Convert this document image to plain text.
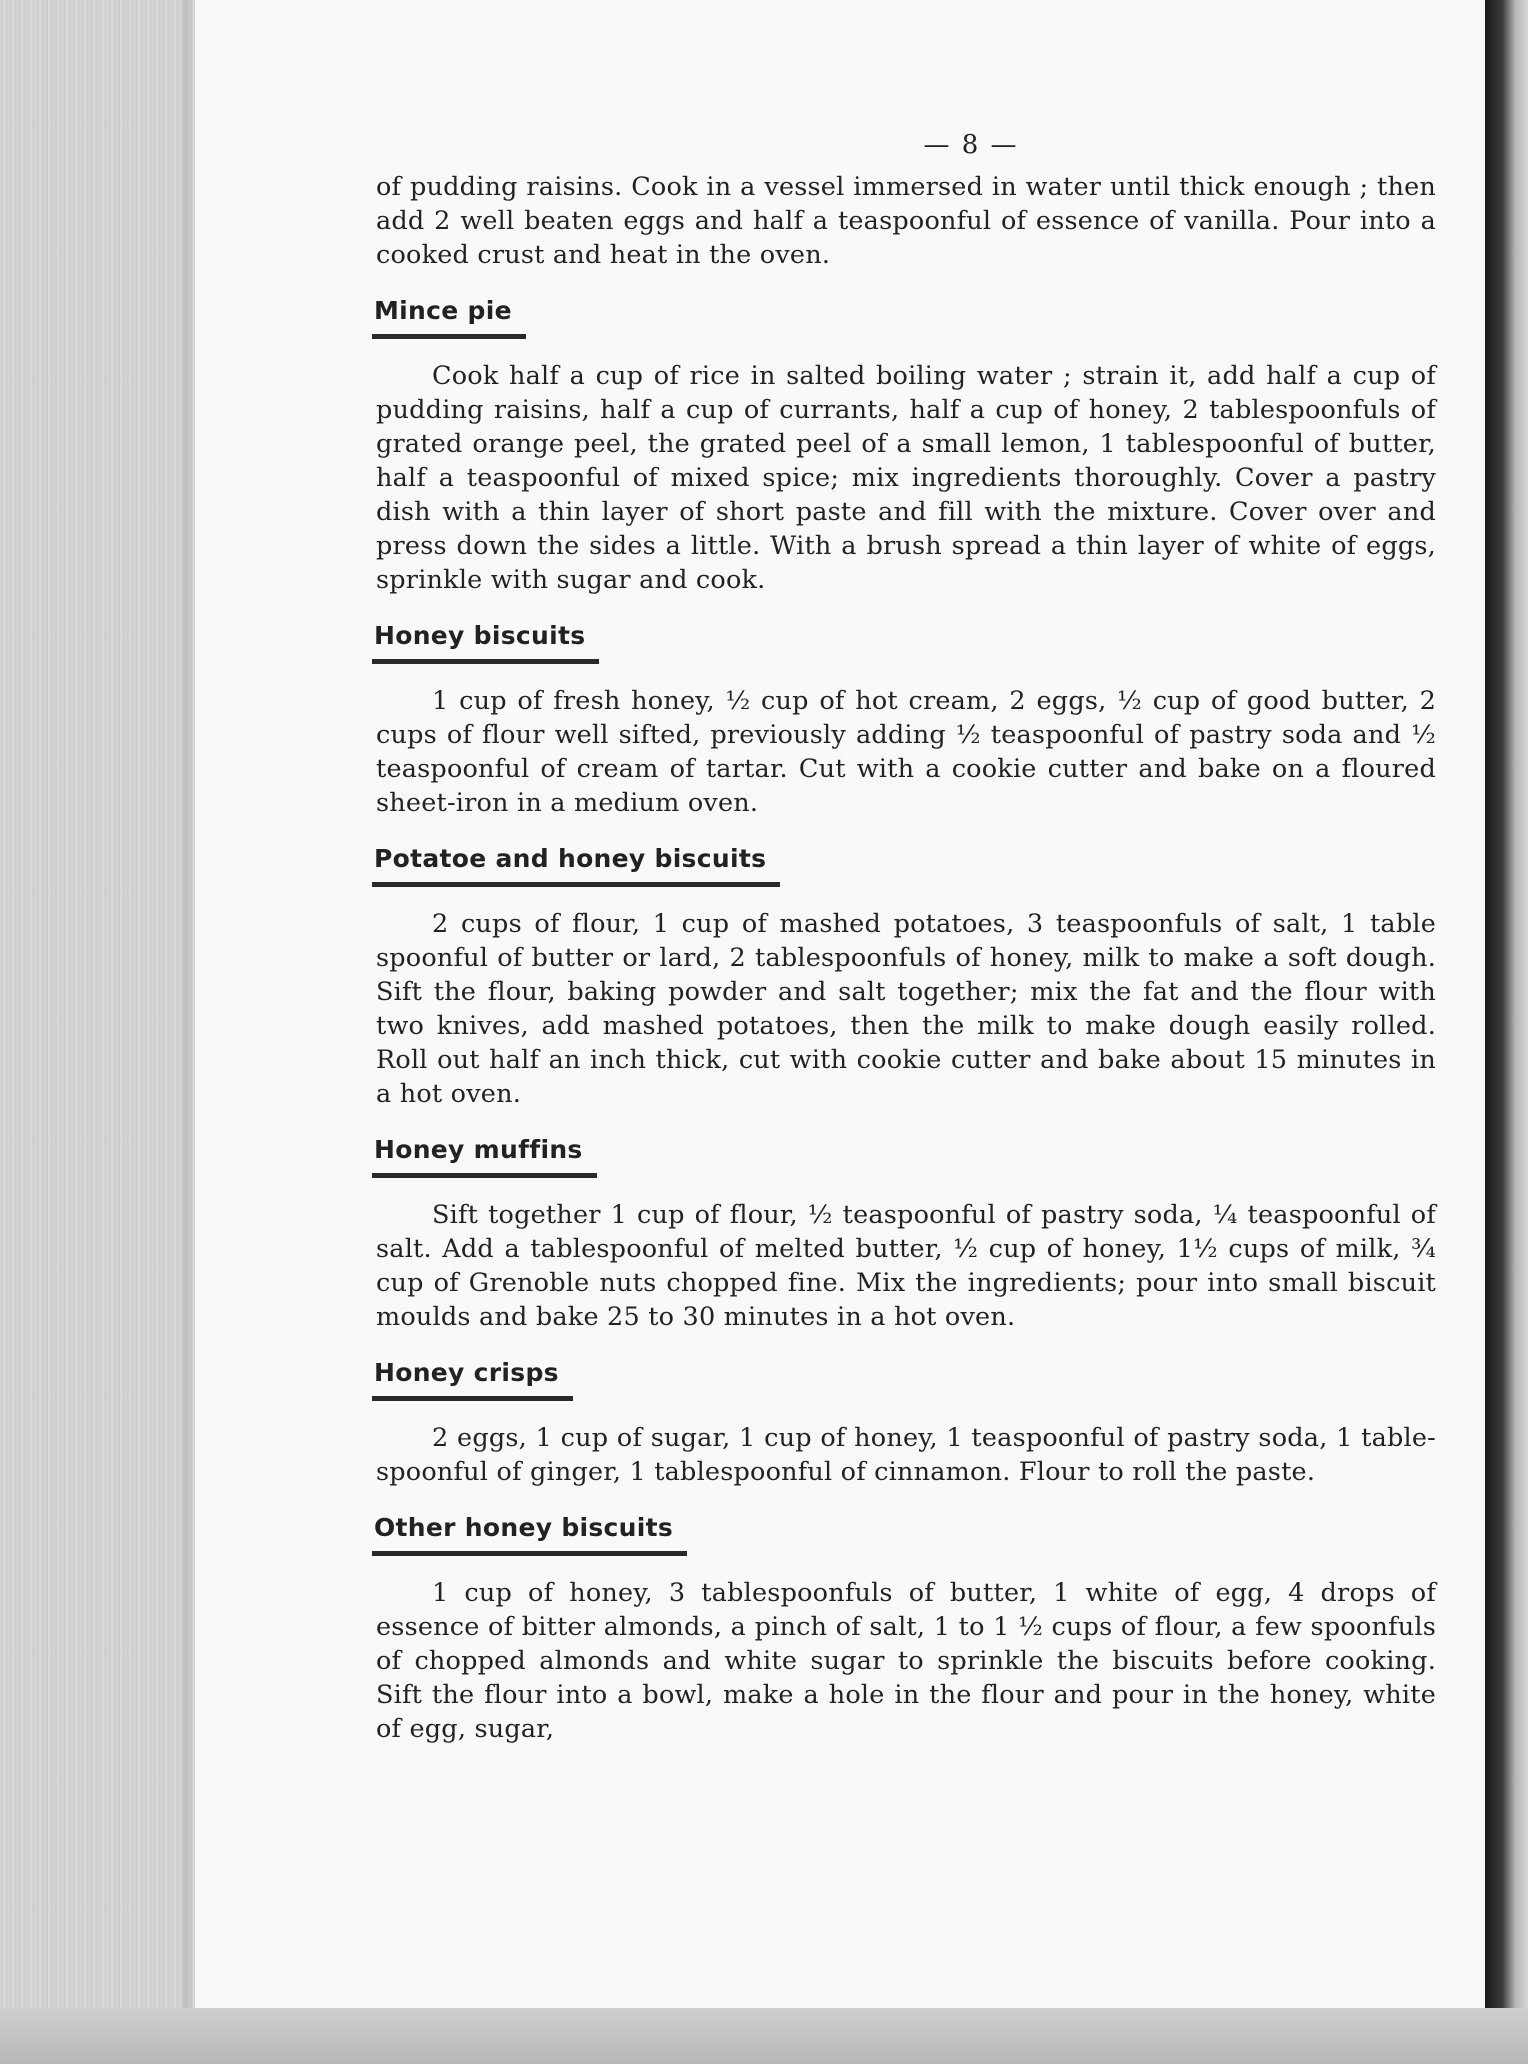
— 8 —

of pudding raisins. Cook in a vessel immersed in water until thick enough ; then add 2 well beaten eggs and half a teaspoonful of essence of vanilla. Pour into a cooked crust and heat in the oven.

Mince pie

Cook half a cup of rice in salted boiling water ; strain it, add half a cup of pudding raisins, half a cup of currants, half a cup of honey, 2 tablespoonfuls of grated orange peel, the grated peel of a small lemon, 1 tablespoonful of butter, half a teaspoonful of mixed spice; mix ingredients thoroughly. Cover a pastry dish with a thin layer of short paste and fill with the mixture. Cover over and press down the sides a little. With a brush spread a thin layer of white of eggs, sprinkle with sugar and cook.

Honey biscuits

1 cup of fresh honey, ½ cup of hot cream, 2 eggs, ½ cup of good butter, 2 cups of flour well sifted, previously adding ½ teaspoonful of pastry soda and ½ teaspoonful of cream of tartar. Cut with a cookie cutter and bake on a floured sheet-iron in a medium oven.

Potatoe and honey biscuits

2 cups of flour, 1 cup of mashed potatoes, 3 teaspoonfuls of salt, 1 table spoonful of butter or lard, 2 tablespoonfuls of honey, milk to make a soft dough. Sift the flour, baking powder and salt together; mix the fat and the flour with two knives, add mashed potatoes, then the milk to make dough easily rolled. Roll out half an inch thick, cut with cookie cutter and bake about 15 minutes in a hot oven.

Honey muffins

Sift together 1 cup of flour, ½ teaspoonful of pastry soda, ¼ teaspoonful of salt. Add a tablespoonful of melted butter, ½ cup of honey, 1½ cups of milk, ¾ cup of Grenoble nuts chopped fine. Mix the ingredients; pour into small biscuit moulds and bake 25 to 30 minutes in a hot oven.

Honey crisps

2 eggs, 1 cup of sugar, 1 cup of honey, 1 teaspoonful of pastry soda, 1 table-spoonful of ginger, 1 tablespoonful of cinnamon. Flour to roll the paste.

Other honey biscuits

1 cup of honey, 3 tablespoonfuls of butter, 1 white of egg, 4 drops of essence of bitter almonds, a pinch of salt, 1 to 1 ½ cups of flour, a few spoonfuls of chopped almonds and white sugar to sprinkle the biscuits before cooking. Sift the flour into a bowl, make a hole in the flour and pour in the honey, white of egg, sugar,
